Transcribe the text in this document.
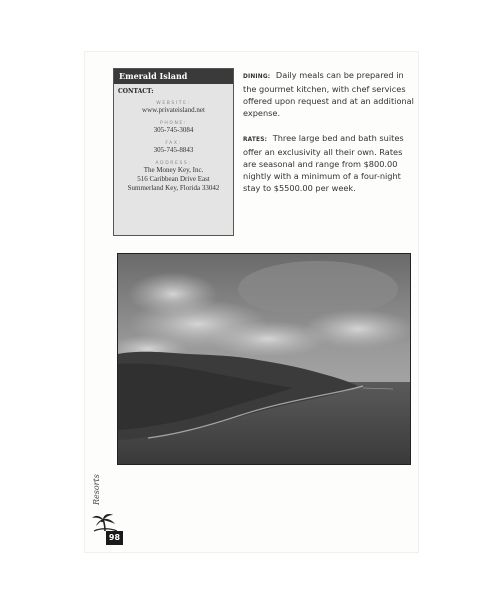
Emerald Island
CONTACT:
WEBSITE:
www.privateisland.net
PHONE:
305-745-3084
FAX:
305-745-8843
ADDRESS:
The Money Key, Inc.
516 Caribbean Drive East
Summerland Key, Florida 33042

DINING: Daily meals can be prepared in the gourmet kitchen, with chef services offered upon request and at an additional expense.

RATES: Three large bed and bath suites offer an exclusivity all their own. Rates are seasonal and range from $800.00 nightly with a minimum of a four-night stay to $5500.00 per week.

Resorts
98
